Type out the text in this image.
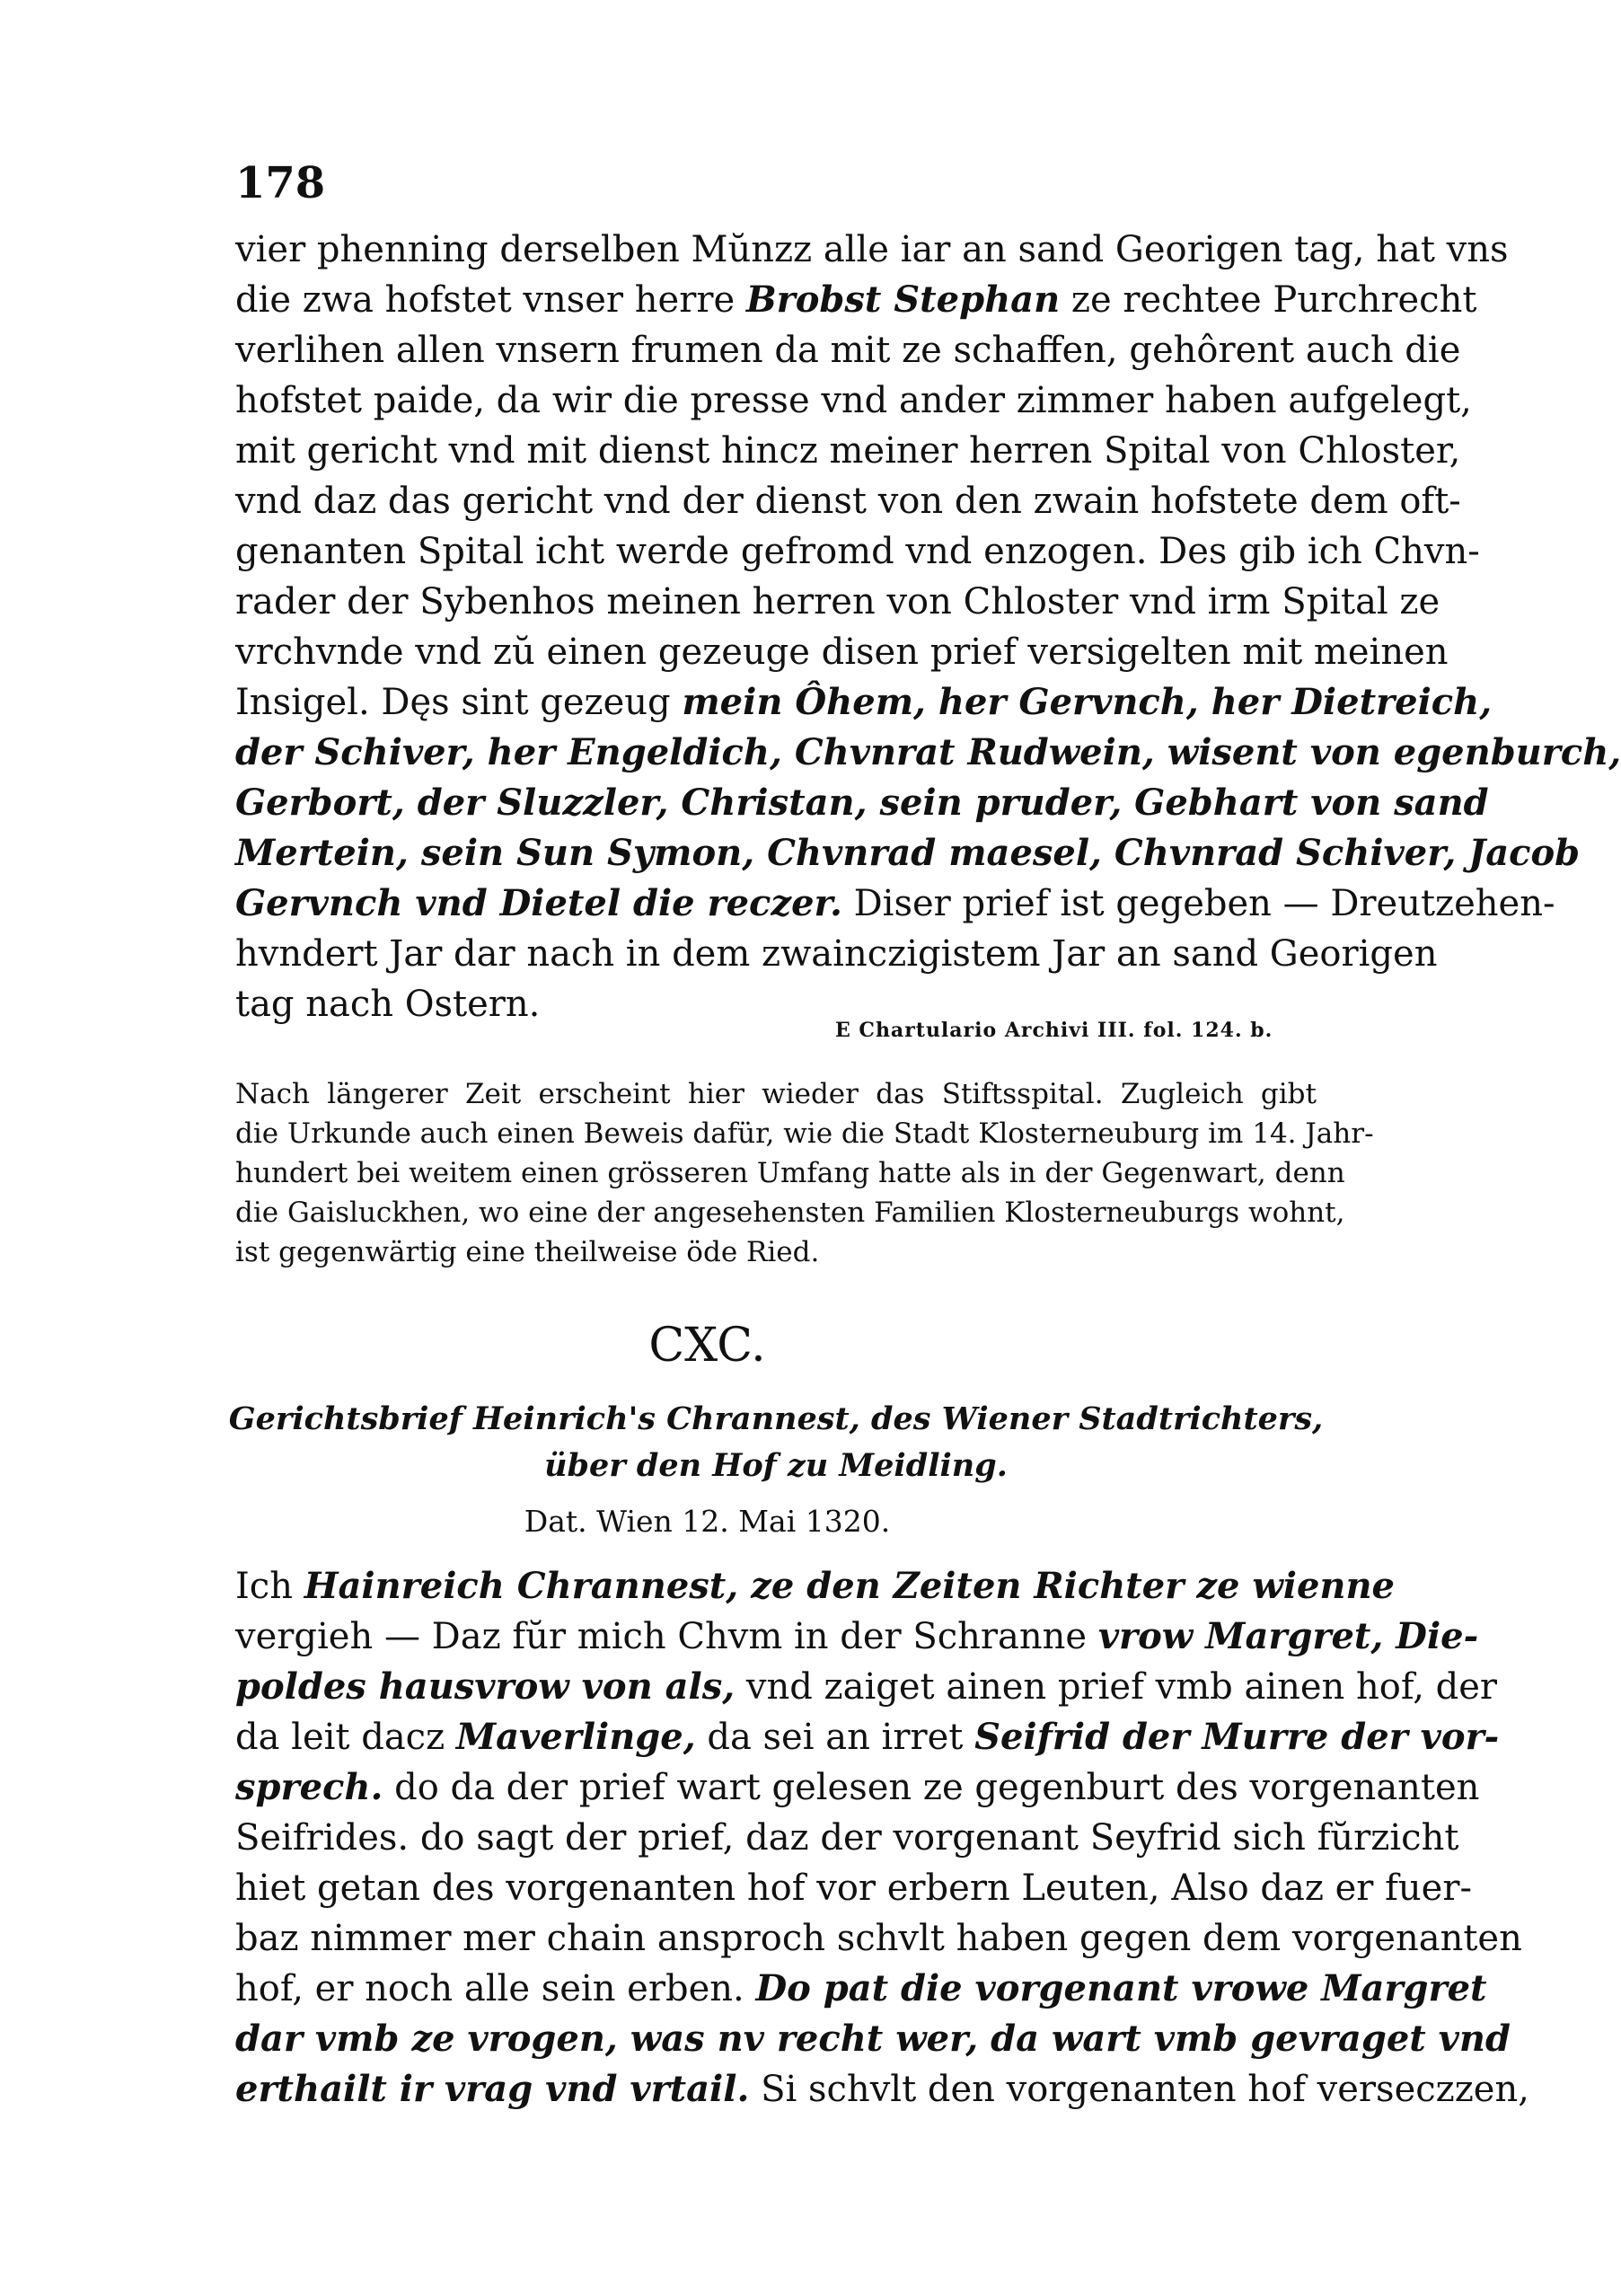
178
vier phenning derselben Mŭnzz alle iar an sand Georigen tag, hat vns
die zwa hofstet vnser herre Brobst Stephan ze rechtee Purchrecht
verlihen allen vnsern frumen da mit ze schaffen, gehôrent auch die
hofstet paide, da wir die presse vnd ander zimmer haben aufgelegt,
mit gericht vnd mit dienst hincz meiner herren Spital von Chloster,
vnd daz das gericht vnd der dienst von den zwain hofstete dem oft-
genanten Spital icht werde gefromd vnd enzogen. Des gib ich Chvn-
rader der Sybenhos meinen herren von Chloster vnd irm Spital ze
vrchvnde vnd zŭ einen gezeuge disen prief versigelten mit meinen
Insigel. Dęs sint gezeug mein Ôhem, her Gervnch, her Dietreich,
der Schiver, her Engeldich, Chvnrat Rudwein, wisent von egenburch,
Gerbort, der Sluzzler, Christan, sein pruder, Gebhart von sand
Mertein, sein Sun Symon, Chvnrad maesel, Chvnrad Schiver, Jacob
Gervnch vnd Dietel die reczer. Diser prief ist gegeben — Dreutzehen-
hvndert Jar dar nach in dem zwainczigistem Jar an sand Georigen
tag nach Ostern.
E Chartulario Archivi III. fol. 124. b.
Nach längerer Zeit erscheint hier wieder das Stiftsspital. Zugleich gibt
die Urkunde auch einen Beweis dafür, wie die Stadt Klosterneuburg im 14. Jahr-
hundert bei weitem einen grösseren Umfang hatte als in der Gegenwart, denn
die Gaisluckhen, wo eine der angesehensten Familien Klosterneuburgs wohnt,
ist gegenwärtig eine theilweise öde Ried.
CXC.
Gerichtsbrief Heinrich's Chrannest, des Wiener Stadtrichters, über den Hof zu Meidling.
Dat. Wien 12. Mai 1320.
Ich Hainreich Chrannest, ze den Zeiten Richter ze wienne
vergieh — Daz fŭr mich Chvm in der Schranne vrow Margret, Die-
poldes hausvrow von als, vnd zaiget ainen prief vmb ainen hof, der
da leit dacz Maverlinge, da sei an irret Seifrid der Murre der vor-
sprech. do da der prief wart gelesen ze gegenburt des vorgenanten
Seifrides. do sagt der prief, daz der vorgenant Seyfrid sich fŭrzicht
hiet getan des vorgenanten hof vor erbern Leuten, Also daz er fuer-
baz nimmer mer chain ansproch schvlt haben gegen dem vorgenanten
hof, er noch alle sein erben. Do pat die vorgenant vrowe Margret
dar vmb ze vrogen, was nv recht wer, da wart vmb gevraget vnd
erthailt ir vrag vnd vrtail. Si schvlt den vorgenanten hof verseczzen,
